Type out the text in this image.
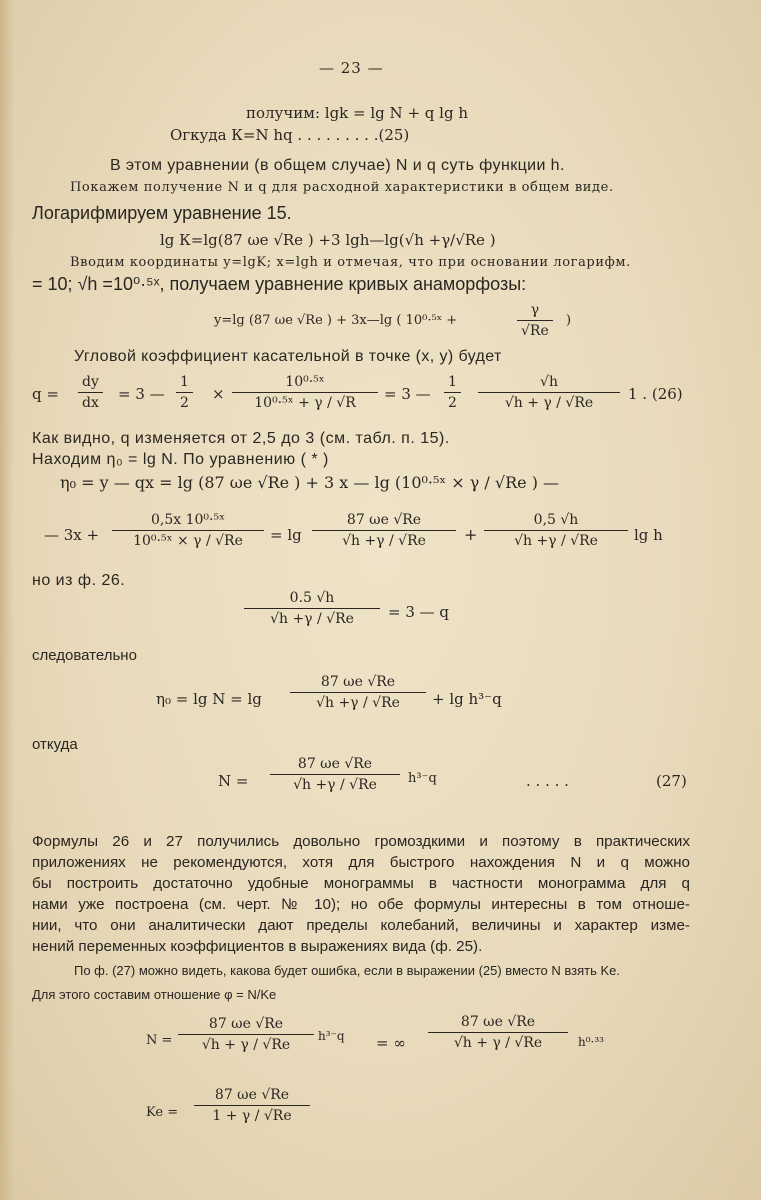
— 23 —
получим: lgk = lg N + q lg h
Огкуда К=N hq . . . . . . . . .(25)
В этом уравнении (в общем случае) N и q суть функции h.
Покажем получение N и q для расходной характеристики в общем виде.
Логарифмируем уравнение 15.
lg К=lg(87 ωe √Re ) +3 lgh—lg(√h +γ/√Re )
Вводим координаты y=lgK; x=lgh и отмечая, что при основании логарифм.
= 10; √h =10⁰·⁵ˣ, получаем уравнение кривых анаморфозы:
y=lg (87 ωe √Re ) + 3x—lg ( 10⁰·⁵ˣ +
γ
√Re
)
Угловой коэффициент касательной в точке (x, y) будет
q =
dy
dx = 3 —
1
2 ×
10⁰·⁵ˣ
10⁰·⁵ˣ + γ / √R = 3 —
1
2
√h
√h + γ / √Re 1 . (26)
Как видно, q изменяется от 2,5 до 3 (см. табл. п. 15).
Находим η₀ = lg N. По уравнению ( * )
η₀ = y — qx = lg (87 ωe √Re ) + 3 x — lg (10⁰·⁵ˣ × γ / √Re ) —
— 3x +
0,5x 10⁰·⁵ˣ
10⁰·⁵ˣ × γ / √Re = lg
87 ωe √Re
√h +γ / √Re +
0,5 √h
√h +γ / √Re lg h
но из ф. 26.
0.5 √h
√h +γ / √Re = 3 — q
следовательно
η₀ = lg N = lg
87 ωe √Re
√h +γ / √Re + lg h³⁻q
откуда
N =
87 ωe √Re
√h +γ / √Re	h³⁻q	. . . . .	(27)
Формулы 26 и 27 получились довольно громоздкими и поэтому в практических
приложениях не рекомендуются, хотя для быстрого нахождения N и q можно
бы построить достаточно удобные монограммы в частности монограмма для q
нами уже построена (см. черт. № 10); но обе формулы интересны в том отноше-
нии, что они аналитически дают пределы колебаний, величины и характер изме-
нений переменных коэффициентов в выражениях вида (ф. 25).
По ф. (27) можно видеть, какова будет ошибка, если в выражении (25) вместо N взять Ke.
Для этого составим отношение φ = N/Ke
N =
87 ωe √Re
√h + γ / √Re
h³⁻q = ∞
87 ωe √Re
√h + γ / √Re	h⁰·³³
Ke =
87 ωe √Re
1 + γ / √Re
